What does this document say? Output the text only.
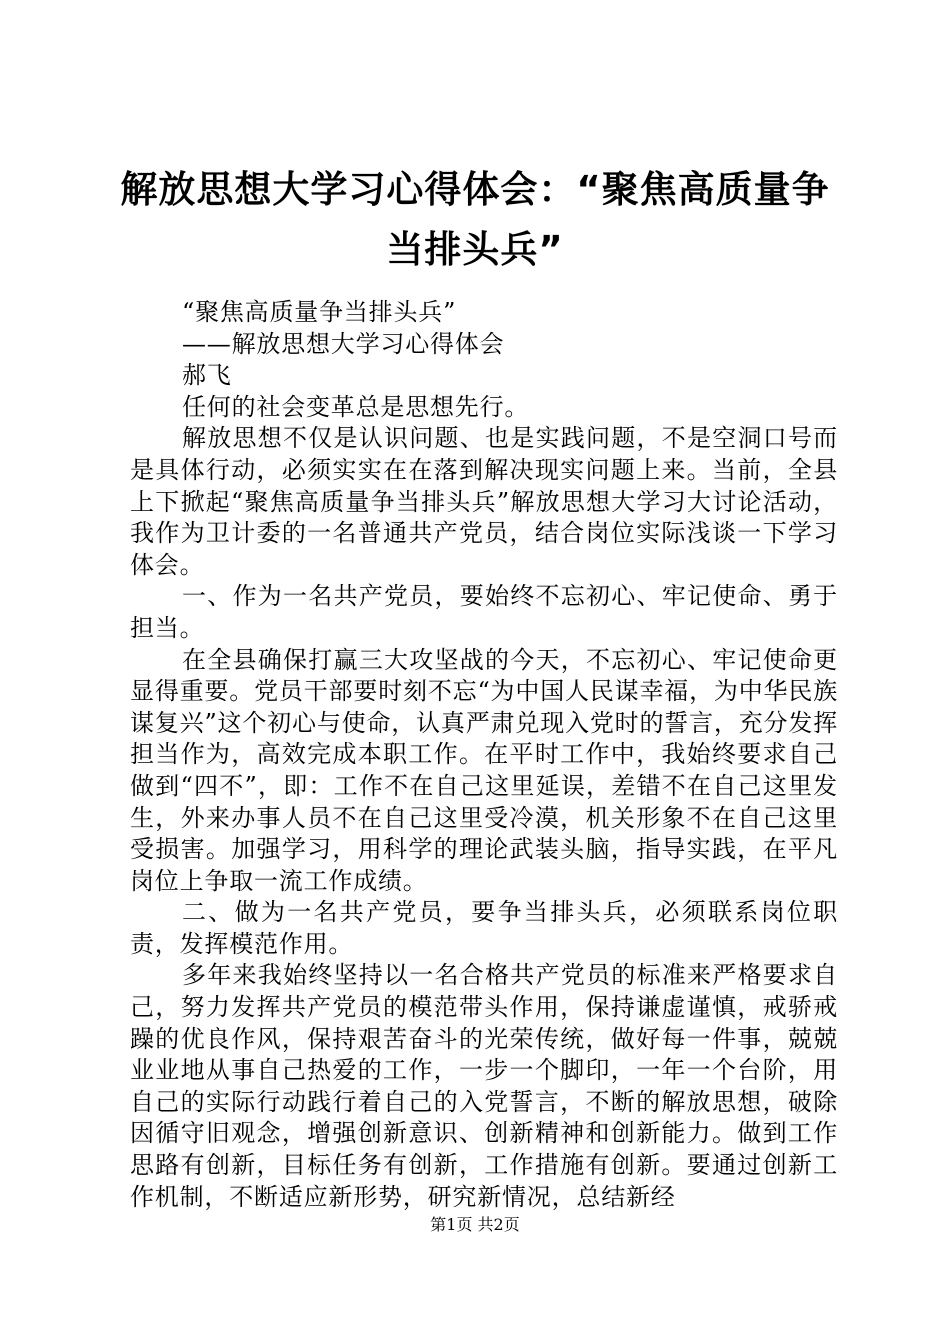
解放思想大学习心得体会：“聚焦高质量争当排头兵”

“聚焦高质量争当排头兵”

——解放思想大学习心得体会

郝飞

任何的社会变革总是思想先行。

解放思想不仅是认识问题、也是实践问题，不是空洞口号而是具体行动，必须实实在在落到解决现实问题上来。当前，全县上下掀起“聚焦高质量争当排头兵”解放思想大学习大讨论活动，我作为卫计委的一名普通共产党员，结合岗位实际浅谈一下学习体会。

一、作为一名共产党员，要始终不忘初心、牢记使命、勇于担当。

在全县确保打赢三大攻坚战的今天，不忘初心、牢记使命更显得重要。党员干部要时刻不忘“为中国人民谋幸福，为中华民族谋复兴”这个初心与使命，认真严肃兑现入党时的誓言，充分发挥担当作为，高效完成本职工作。在平时工作中，我始终要求自己做到“四不”，即：工作不在自己这里延误，差错不在自己这里发生，外来办事人员不在自己这里受冷漠，机关形象不在自己这里受损害。加强学习，用科学的理论武装头脑，指导实践，在平凡岗位上争取一流工作成绩。

二、做为一名共产党员，要争当排头兵，必须联系岗位职责，发挥模范作用。

多年来我始终坚持以一名合格共产党员的标准来严格要求自己，努力发挥共产党员的模范带头作用，保持谦虚谨慎，戒骄戒躁的优良作风，保持艰苦奋斗的光荣传统，做好每一件事，兢兢业业地从事自己热爱的工作，一步一个脚印，一年一个台阶，用自己的实际行动践行着自己的入党誓言，不断的解放思想，破除因循守旧观念，增强创新意识、创新精神和创新能力。做到工作思路有创新，目标任务有创新，工作措施有创新。要通过创新工作机制，不断适应新形势，研究新情况，总结新经

第1页 共2页
